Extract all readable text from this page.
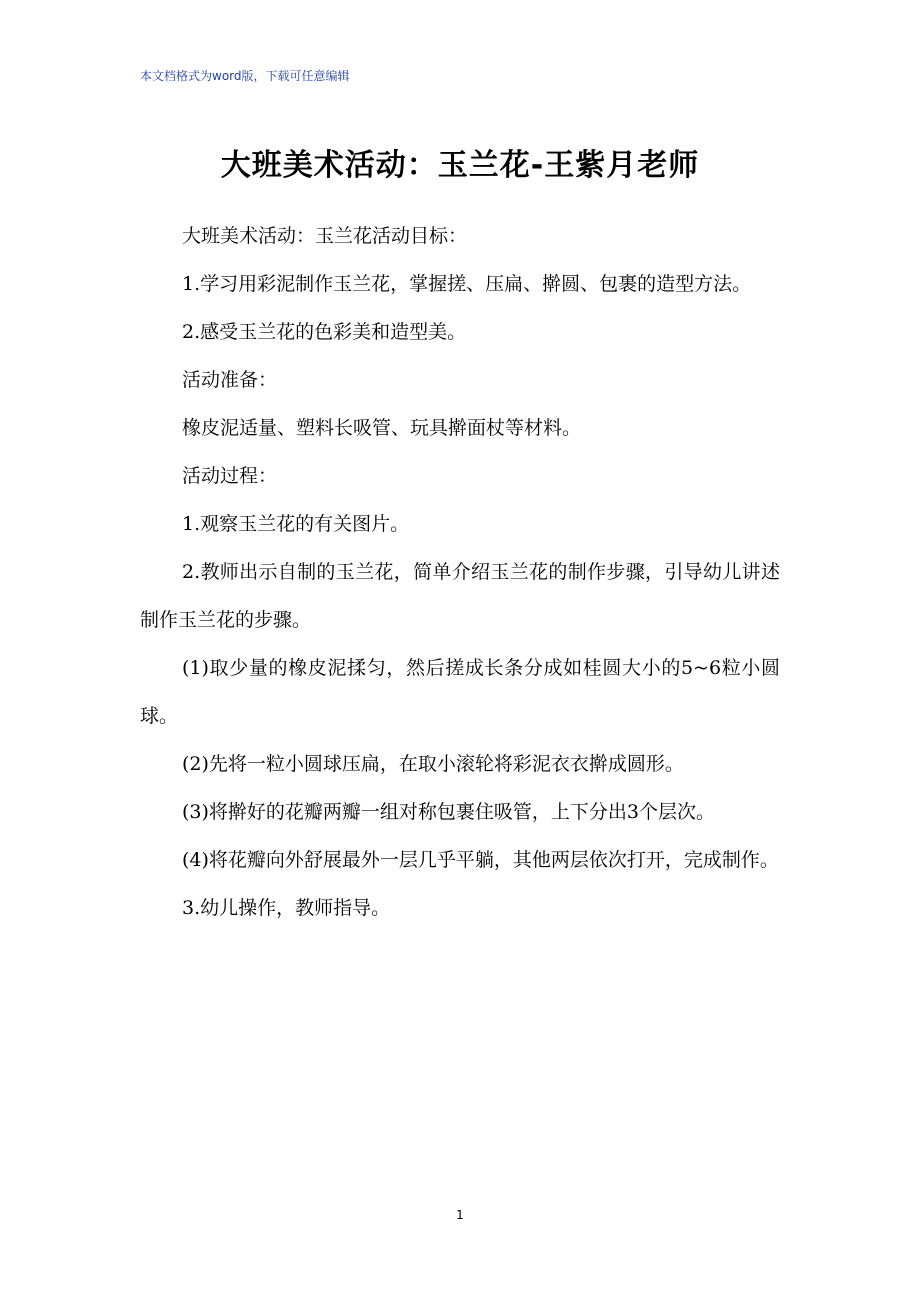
本文档格式为word版，下载可任意编辑
大班美术活动：玉兰花-王紫月老师

大班美术活动：玉兰花活动目标：

1.学习用彩泥制作玉兰花，掌握搓、压扁、擀圆、包裹的造型方法。

2.感受玉兰花的色彩美和造型美。

活动准备：

橡皮泥适量、塑料长吸管、玩具擀面杖等材料。

活动过程：

1.观察玉兰花的有关图片。

2.教师出示自制的玉兰花，简单介绍玉兰花的制作步骤，引导幼儿讲述制作玉兰花的步骤。

(1)取少量的橡皮泥揉匀，然后搓成长条分成如桂圆大小的5~6粒小圆球。

(2)先将一粒小圆球压扁，在取小滚轮将彩泥衣衣擀成圆形。

(3)将擀好的花瓣两瓣一组对称包裹住吸管，上下分出3个层次。

(4)将花瓣向外舒展最外一层几乎平躺，其他两层依次打开，完成制作。

3.幼儿操作，教师指导。

1
